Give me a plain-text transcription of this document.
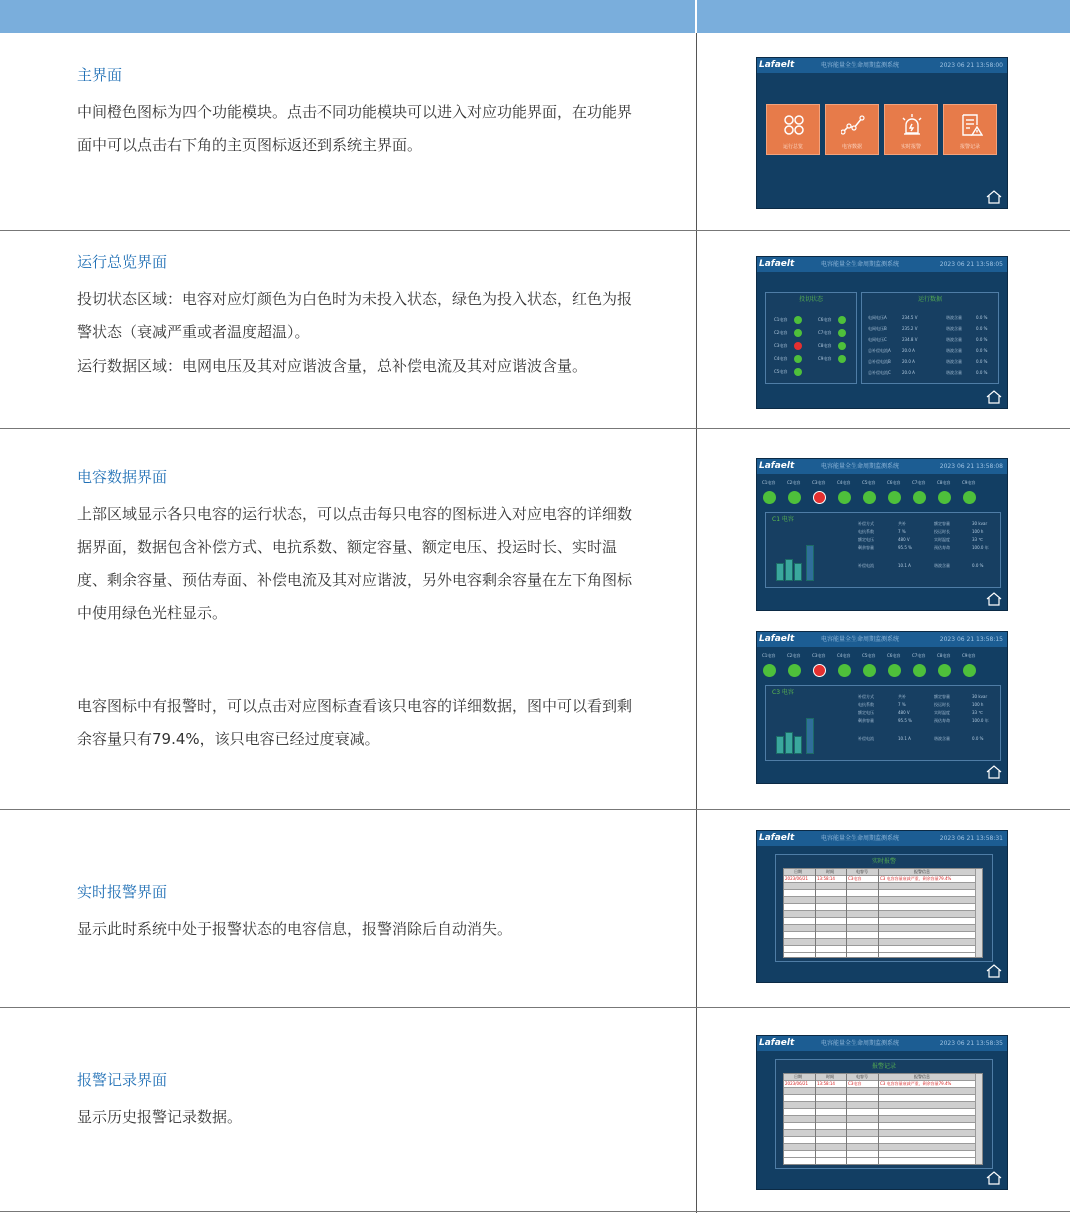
主界面
中间橙色图标为四个功能模块。点击不同功能模块可以进入对应功能界面，在功能界面中可以点击右下角的主页图标返还到系统主界面。
运行总览界面
投切状态区域：电容对应灯颜色为白色时为未投入状态，绿色为投入状态，红色为报警状态（衰减严重或者温度超温）。
运行数据区域：电网电压及其对应谐波含量，总补偿电流及其对应谐波含量。
电容数据界面
上部区域显示各只电容的运行状态，可以点击每只电容的图标进入对应电容的详细数据界面，数据包含补偿方式、电抗系数、额定容量、额定电压、投运时长、实时温度、剩余容量、预估寿面、补偿电流及其对应谐波，另外电容剩余容量在左下角图标中使用绿色光柱显示。
电容图标中有报警时，可以点击对应图标查看该只电容的详细数据，图中可以看到剩余容量只有79.4%，该只电容已经过度衰减。
实时报警界面
显示此时系统中处于报警状态的电容信息，报警消除后自动消失。
报警记录界面
显示历史报警记录数据。
Lafaelt	电容能量全生命周期监测系统	2023 06 21 13:58:00
运行总览	电容数据	实时报警	报警记录
Lafaelt	电容能量全生命周期监测系统	2023 06 21 13:58:05
投切状态
C1电容
C2电容
C3电容
C4电容
C5电容
C6电容
C7电容
C8电容
C9电容
运行数据
电网电压A	234.5 V	谐波含量	0.0 %
电网电压B	235.2 V	谐波含量	0.0 %
电网电压C	234.8 V	谐波含量	0.0 %
总补偿电流A	20.0 A	谐波含量	0.0 %
总补偿电流B	20.0 A	谐波含量	0.0 %
总补偿电流C	20.0 A	谐波含量	0.0 %
Lafaelt	电容能量全生命周期监测系统	2023 06 21 13:58:08
C1电容	C2电容	C3电容	C4电容	C5电容	C6电容	C7电容	C8电容	C9电容
C1 电容
补偿方式	共补
电抗系数	7 %
额定电压	480 V
剩余容量	95.5 %
补偿电流	10.1 A
额定容量	30 kvar
投运时长	100 h
实时温度	33 ℃
预估寿命	100.0 年
谐波含量	0.0 %
Lafaelt	电容能量全生命周期监测系统	2023 06 21 13:58:15
C1电容	C2电容	C3电容	C4电容	C5电容	C6电容	C7电容	C8电容	C9电容
C3 电容
补偿方式	共补
电抗系数	7 %
额定电压	480 V
剩余容量	95.5 %
补偿电流	10.1 A
额定容量	30 kvar
投运时长	100 h
实时温度	33 ℃
预估寿命	100.0 年
谐波含量	0.0 %
Lafaelt	电容能量全生命周期监测系统	2023 06 21 13:58:31
实时报警
日期	时间	电容号	报警信息
2023/06/21 13:58:14	C3电容	C3 电容容量衰减严重，剩余容量79.4%
Lafaelt	电容能量全生命周期监测系统	2023 06 21 13:58:35
报警记录
日期	时间	电容号	报警信息
2023/06/21 13:58:14	C3电容	C3 电容容量衰减严重，剩余容量79.4%
